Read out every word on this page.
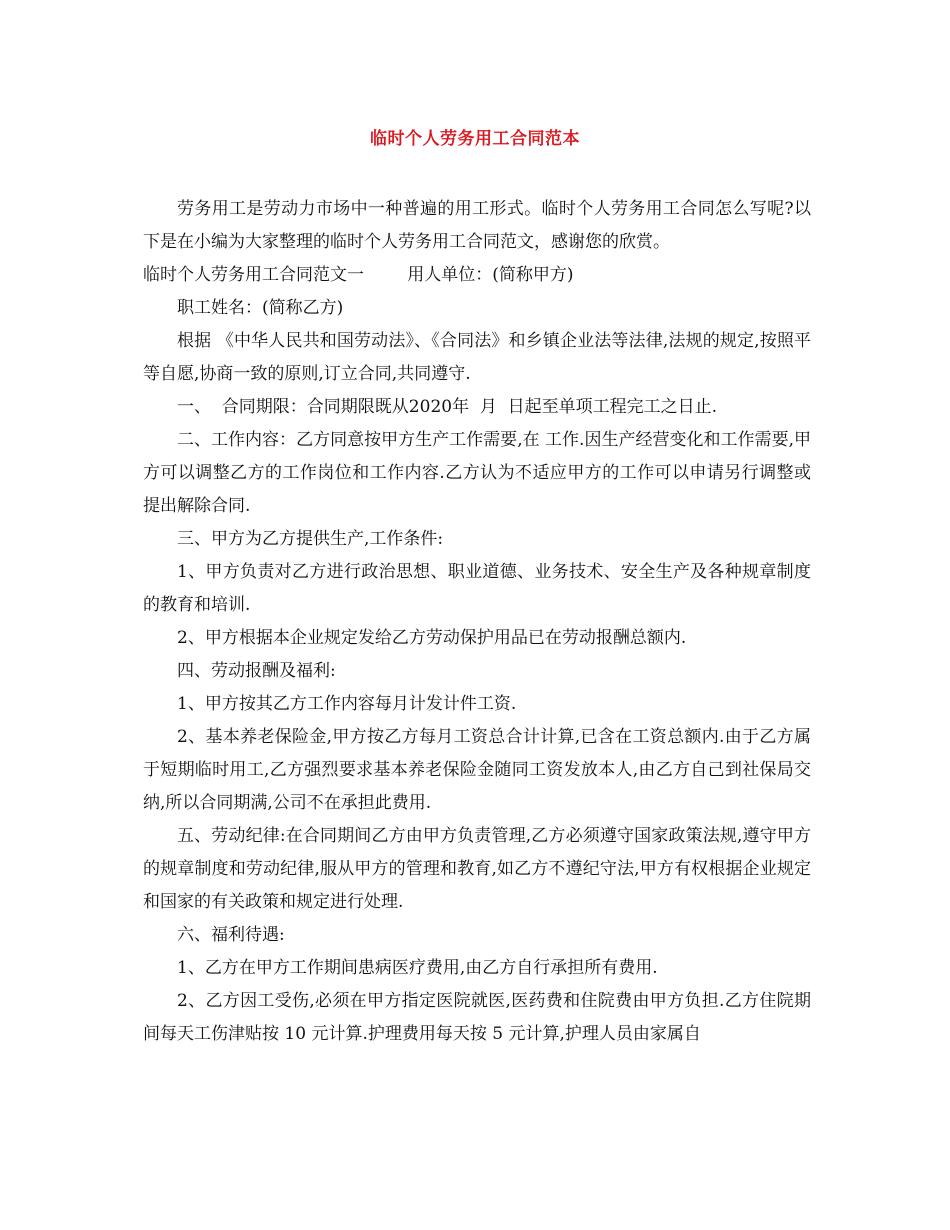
临时个人劳务用工合同范本

劳务用工是劳动力市场中一种普遍的用工形式。临时个人劳务用工合同怎么写呢?以下是在小编为大家整理的临时个人劳务用工合同范文，感谢您的欣赏。

临时个人劳务用工合同范文一        用人单位：(简称甲方)

职工姓名：(简称乙方)

根据 《中华人民共和国劳动法》、《合同法》和乡镇企业法等法律,法规的规定,按照平等自愿,协商一致的原则,订立合同,共同遵守.

一、  合同期限：合同期限既从2020年  月  日起至单项工程完工之日止.

二、工作内容：乙方同意按甲方生产工作需要,在 工作.因生产经营变化和工作需要,甲方可以调整乙方的工作岗位和工作内容.乙方认为不适应甲方的工作可以申请另行调整或提出解除合同.

三、甲方为乙方提供生产,工作条件:

1、甲方负责对乙方进行政治思想、职业道德、业务技术、安全生产及各种规章制度的教育和培训.

2、甲方根据本企业规定发给乙方劳动保护用品已在劳动报酬总额内.

四、劳动报酬及福利:

1、甲方按其乙方工作内容每月计发计件工资.

2、基本养老保险金,甲方按乙方每月工资总合计计算,已含在工资总额内.由于乙方属于短期临时用工,乙方强烈要求基本养老保险金随同工资发放本人,由乙方自己到社保局交纳,所以合同期满,公司不在承担此费用.

五、劳动纪律:在合同期间乙方由甲方负责管理,乙方必须遵守国家政策法规,遵守甲方的规章制度和劳动纪律,服从甲方的管理和教育,如乙方不遵纪守法,甲方有权根据企业规定和国家的有关政策和规定进行处理.

六、福利待遇:

1、乙方在甲方工作期间患病医疗费用,由乙方自行承担所有费用.

2、乙方因工受伤,必须在甲方指定医院就医,医药费和住院费由甲方负担.乙方住院期间每天工伤津贴按 10 元计算.护理费用每天按 5 元计算,护理人员由家属自
